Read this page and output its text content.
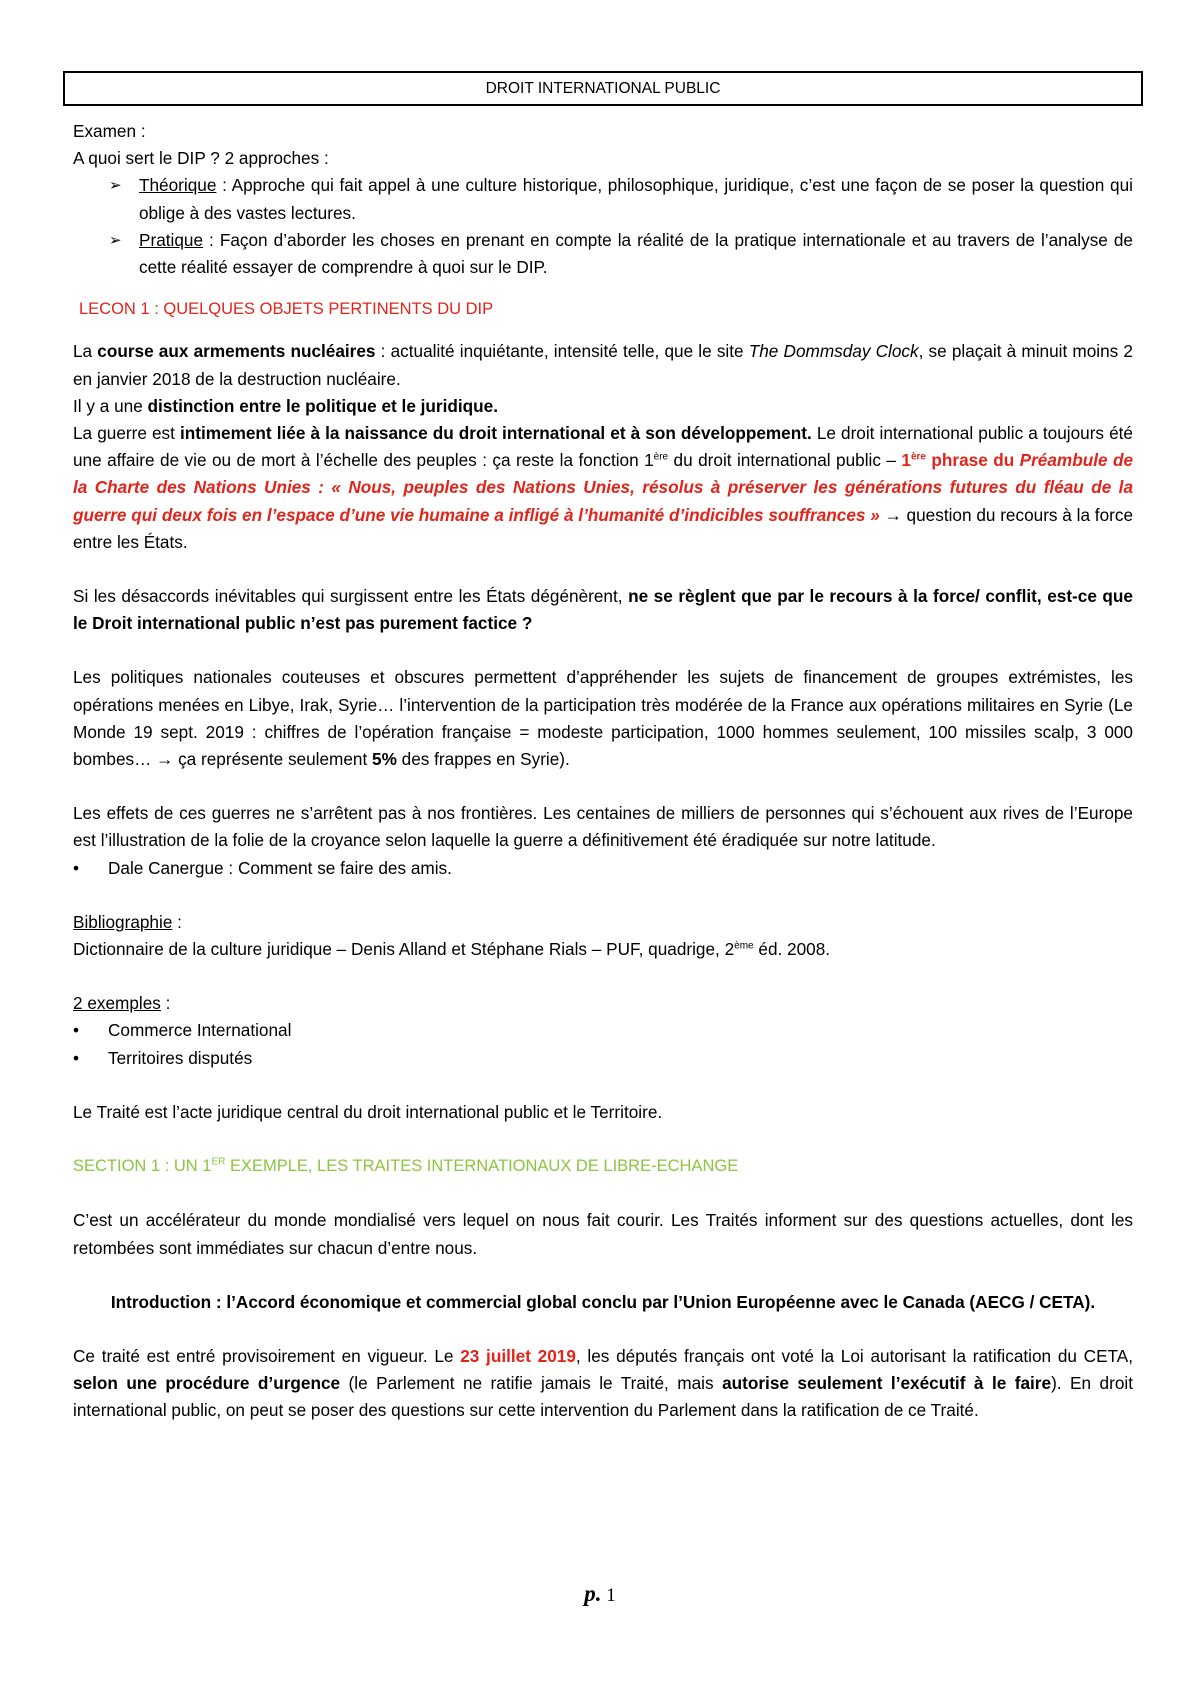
DROIT INTERNATIONAL PUBLIC

Examen :

A quoi sert le DIP ? 2 approches :

➢ Théorique : Approche qui fait appel à une culture historique, philosophique, juridique, c’est une façon de se poser la question qui oblige à des vastes lectures.
➢ Pratique : Façon d’aborder les choses en prenant en compte la réalité de la pratique internationale et au travers de l’analyse de cette réalité essayer de comprendre à quoi sur le DIP.

LECON 1 : QUELQUES OBJETS PERTINENTS DU DIP

La course aux armements nucléaires : actualité inquiétante, intensité telle, que le site The Dommsday Clock, se plaçait à minuit moins 2 en janvier 2018 de la destruction nucléaire.

Il y a une distinction entre le politique et le juridique.

La guerre est intimement liée à la naissance du droit international et à son développement. Le droit international public a toujours été une affaire de vie ou de mort à l’échelle des peuples : ça reste la fonction 1ère du droit international public – 1ère phrase du Préambule de la Charte des Nations Unies : « Nous, peuples des Nations Unies, résolus à préserver les générations futures du fléau de la guerre qui deux fois en l’espace d’une vie humaine a infligé à l’humanité d’indicibles souffrances » → question du recours à la force entre les États.

Si les désaccords inévitables qui surgissent entre les États dégénèrent, ne se règlent que par le recours à la force/ conflit, est-ce que le Droit international public n’est pas purement factice ?

Les politiques nationales couteuses et obscures permettent d’appréhender les sujets de financement de groupes extrémistes, les opérations menées en Libye, Irak, Syrie… l’intervention de la participation très modérée de la France aux opérations militaires en Syrie (Le Monde 19 sept. 2019 : chiffres de l’opération française = modeste participation, 1000 hommes seulement, 100 missiles scalp, 3 000 bombes… → ça représente seulement 5% des frappes en Syrie).

Les effets de ces guerres ne s’arrêtent pas à nos frontières. Les centaines de milliers de personnes qui s’échouent aux rives de l’Europe est l’illustration de la folie de la croyance selon laquelle la guerre a définitivement été éradiquée sur notre latitude.

• Dale Canergue : Comment se faire des amis.

Bibliographie :

Dictionnaire de la culture juridique – Denis Alland et Stéphane Rials – PUF, quadrige, 2ème éd. 2008.

2 exemples :

• Commerce International
• Territoires disputés

Le Traité est l’acte juridique central du droit international public et le Territoire.

SECTION 1 : UN 1ER EXEMPLE, LES TRAITES INTERNATIONAUX DE LIBRE-ECHANGE

C’est un accélérateur du monde mondialisé vers lequel on nous fait courir. Les Traités informent sur des questions actuelles, dont les retombées sont immédiates sur chacun d’entre nous.

Introduction : l’Accord économique et commercial global conclu par l’Union Européenne avec le Canada (AECG / CETA).

Ce traité est entré provisoirement en vigueur. Le 23 juillet 2019, les députés français ont voté la Loi autorisant la ratification du CETA, selon une procédure d’urgence (le Parlement ne ratifie jamais le Traité, mais autorise seulement l’exécutif à le faire). En droit international public, on peut se poser des questions sur cette intervention du Parlement dans la ratification de ce Traité.

p. 1
